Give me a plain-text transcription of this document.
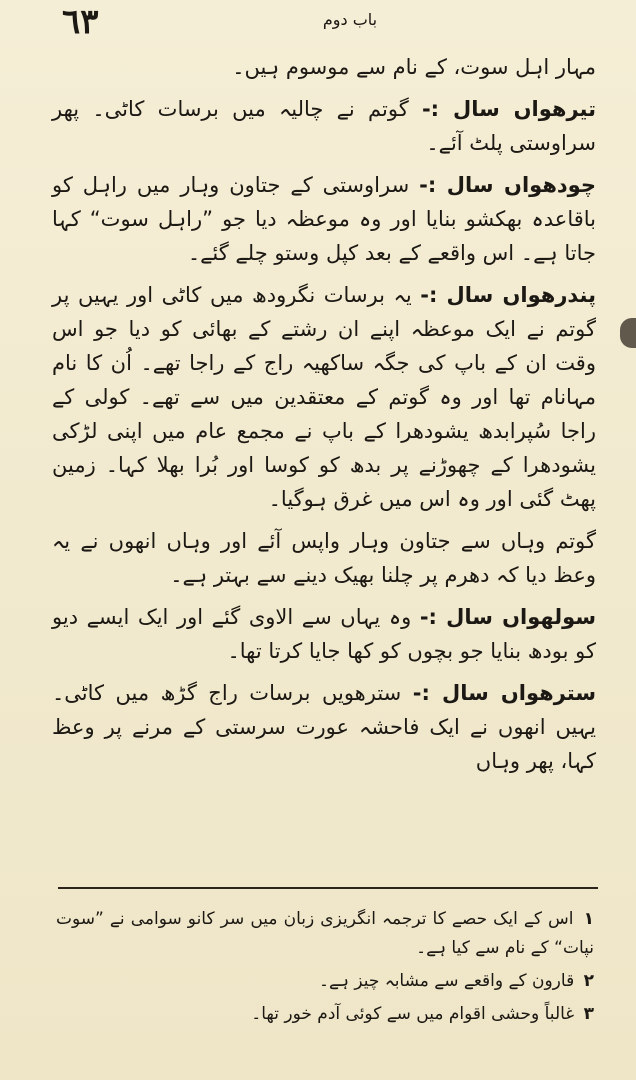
٦٣	باب دوم

مہار اہل سوت، کے نام سے موسوم ہیں۔

تیرھواں سال :- گوتم نے چالیہ میں برسات کاٹی۔ پھر سراوستی پلٹ آئے۔

چودھواں سال :- سراوستی کے جتاون وہار میں راہل کو باقاعدہ بھکشو بنایا اور وہ موعظہ دیا جو ”راہل سوت“ کہا جاتا ہے۔ اس واقعے کے بعد کپل وستو چلے گئے۔

پندرھواں سال :- یہ برسات نگرودھ میں کاٹی اور یہیں پر گوتم نے ایک موعظہ اپنے ان رشتے کے بھائی کو دیا جو اس وقت ان کے باپ کی جگہ ساکھیہ راج کے راجا تھے۔ اُن کا نام مہانام تھا اور وہ گوتم کے معتقدین میں سے تھے۔ کولی کے راجا سُپرابدھ یشودھرا کے باپ نے مجمع عام میں اپنی لڑکی یشودھرا کے چھوڑنے پر بدھ کو کوسا اور بُرا بھلا کہا۔ زمین پھٹ گئی اور وہ اس میں غرق ہوگیا۔

گوتم وہاں سے جتاون وہار واپس آئے اور وہاں انھوں نے یہ وعظ دیا کہ دھرم پر چلنا بھیک دینے سے بہتر ہے۔

سولھواں سال :- وہ یہاں سے الاوی گئے اور ایک ایسے دیو کو بودھ بنایا جو بچوں کو کھا جایا کرتا تھا۔

سترھواں سال :- سترھویں برسات راج گڑھ میں کاٹی۔ یہیں انھوں نے ایک فاحشہ عورت سرستی کے مرنے پر وعظ کہا، پھر وہاں

۱ اس کے ایک حصے کا ترجمہ انگریزی زبان میں سر کانو سوامی نے ”سوت نپات“ کے نام سے کیا ہے۔

۲ قارون کے واقعے سے مشابہ چیز ہے۔

۳ غالباً وحشی اقوام میں سے کوئی آدم خور تھا۔
